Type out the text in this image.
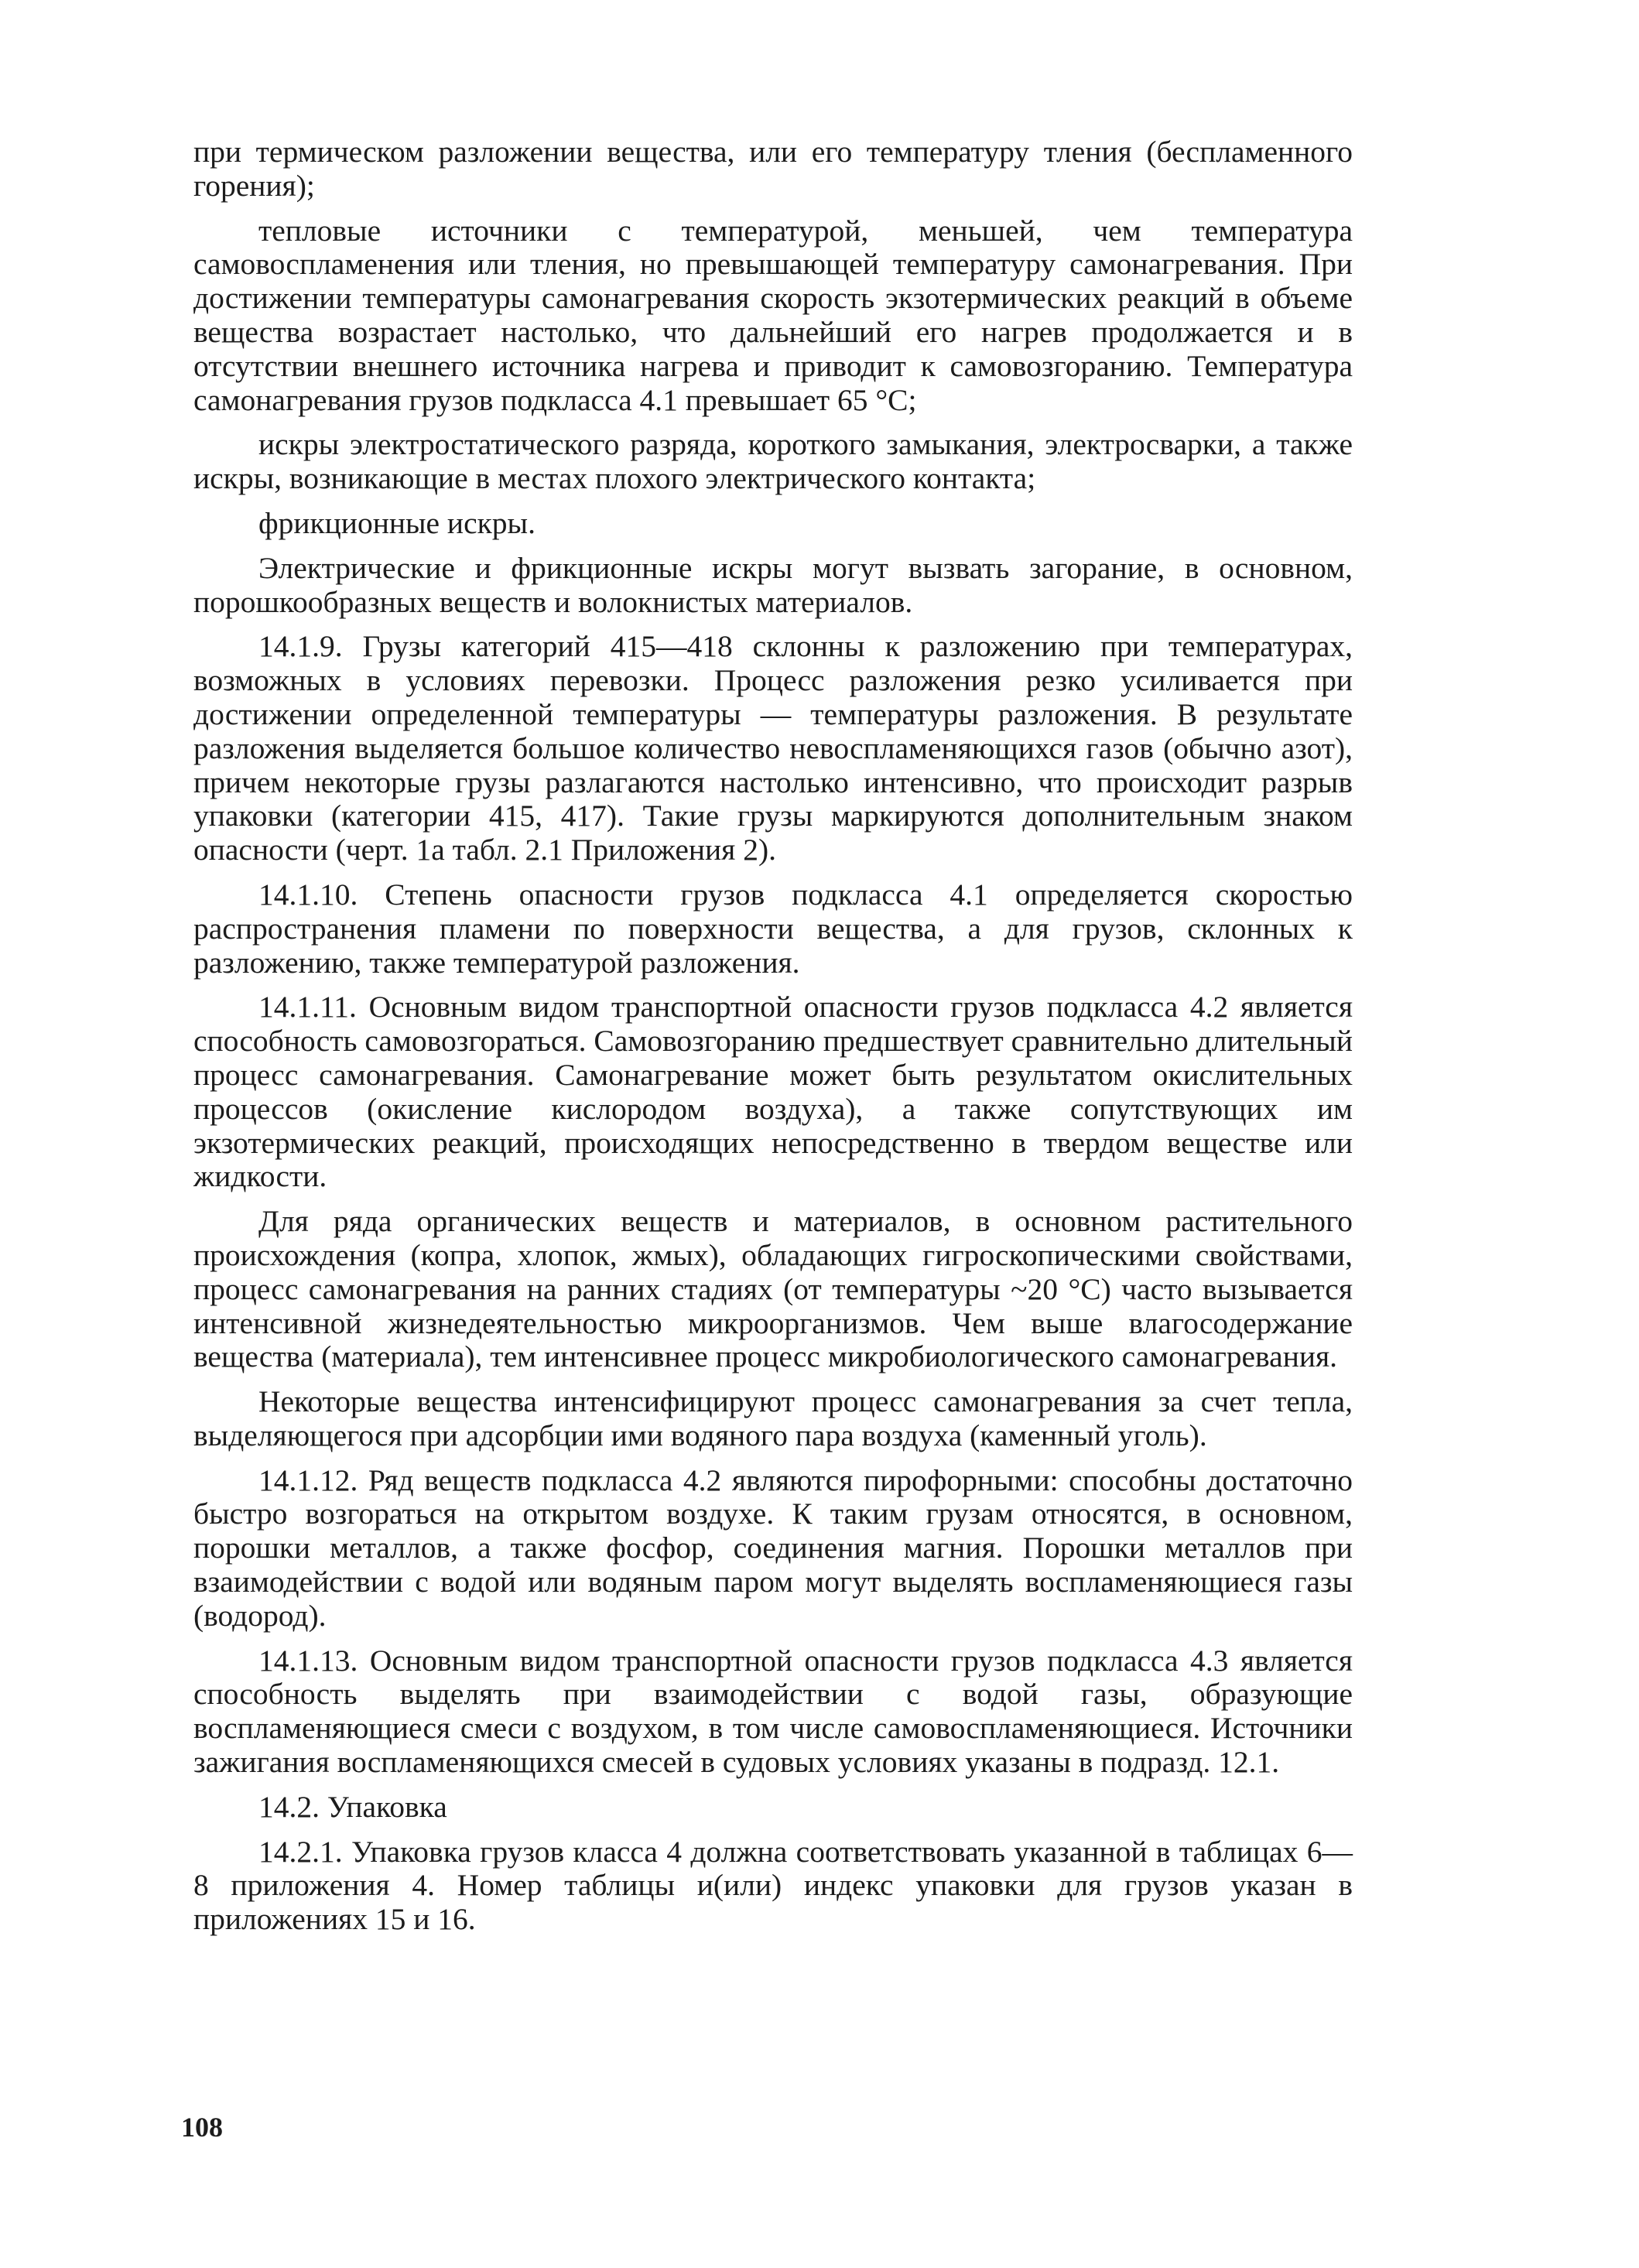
при термическом разложении вещества, или его температуру тления (беспламенного горения);

тепловые источники с температурой, меньшей, чем температура самовоспламенения или тления, но превышающей температуру самонагревания. При достижении температуры самонагревания скорость экзотермических реакций в объеме вещества возрастает настолько, что дальнейший его нагрев продолжается и в отсутствии внешнего источника нагрева и приводит к самовозгоранию. Температура самонагревания грузов подкласса 4.1 превышает 65 °С;

искры электростатического разряда, короткого замыкания, электросварки, а также искры, возникающие в местах плохого электрического контакта;

фрикционные искры.

Электрические и фрикционные искры могут вызвать загорание, в основном, порошкообразных веществ и волокнистых материалов.

14.1.9. Грузы категорий 415—418 склонны к разложению при температурах, возможных в условиях перевозки. Процесс разложения резко усиливается при достижении определенной температуры — температуры разложения. В результате разложения выделяется большое количество невоспламеняющихся газов (обычно азот), причем некоторые грузы разлагаются настолько интенсивно, что происходит разрыв упаковки (категории 415, 417). Такие грузы маркируются дополнительным знаком опасности (черт. 1а табл. 2.1 Приложения 2).

14.1.10. Степень опасности грузов подкласса 4.1 определяется скоростью распространения пламени по поверхности вещества, а для грузов, склонных к разложению, также температурой разложения.

14.1.11. Основным видом транспортной опасности грузов подкласса 4.2 является способность самовозгораться. Самовозгоранию предшествует сравнительно длительный процесс самонагревания. Самонагревание может быть результатом окислительных процессов (окисление кислородом воздуха), а также сопутствующих им экзотермических реакций, происходящих непосредственно в твердом веществе или жидкости.

Для ряда органических веществ и материалов, в основном растительного происхождения (копра, хлопок, жмых), обладающих гигроскопическими свойствами, процесс самонагревания на ранних стадиях (от температуры ~20 °С) часто вызывается интенсивной жизнедеятельностью микроорганизмов. Чем выше влагосодержание вещества (материала), тем интенсивнее процесс микробиологического самонагревания.

Некоторые вещества интенсифицируют процесс самонагревания за счет тепла, выделяющегося при адсорбции ими водяного пара воздуха (каменный уголь).

14.1.12. Ряд веществ подкласса 4.2 являются пирофорными: способны достаточно быстро возгораться на открытом воздухе. К таким грузам относятся, в основном, порошки металлов, а также фосфор, соединения магния. Порошки металлов при взаимодействии с водой или водяным паром могут выделять воспламеняющиеся газы (водород).

14.1.13. Основным видом транспортной опасности грузов подкласса 4.3 является способность выделять при взаимодействии с водой газы, образующие воспламеняющиеся смеси с воздухом, в том числе самовоспламеняющиеся. Источники зажигания воспламеняющихся смесей в судовых условиях указаны в подразд. 12.1.

14.2. Упаковка

14.2.1. Упаковка грузов класса 4 должна соответствовать указанной в таблицах 6—8 приложения 4. Номер таблицы и(или) индекс упаковки для грузов указан в приложениях 15 и 16.

108
